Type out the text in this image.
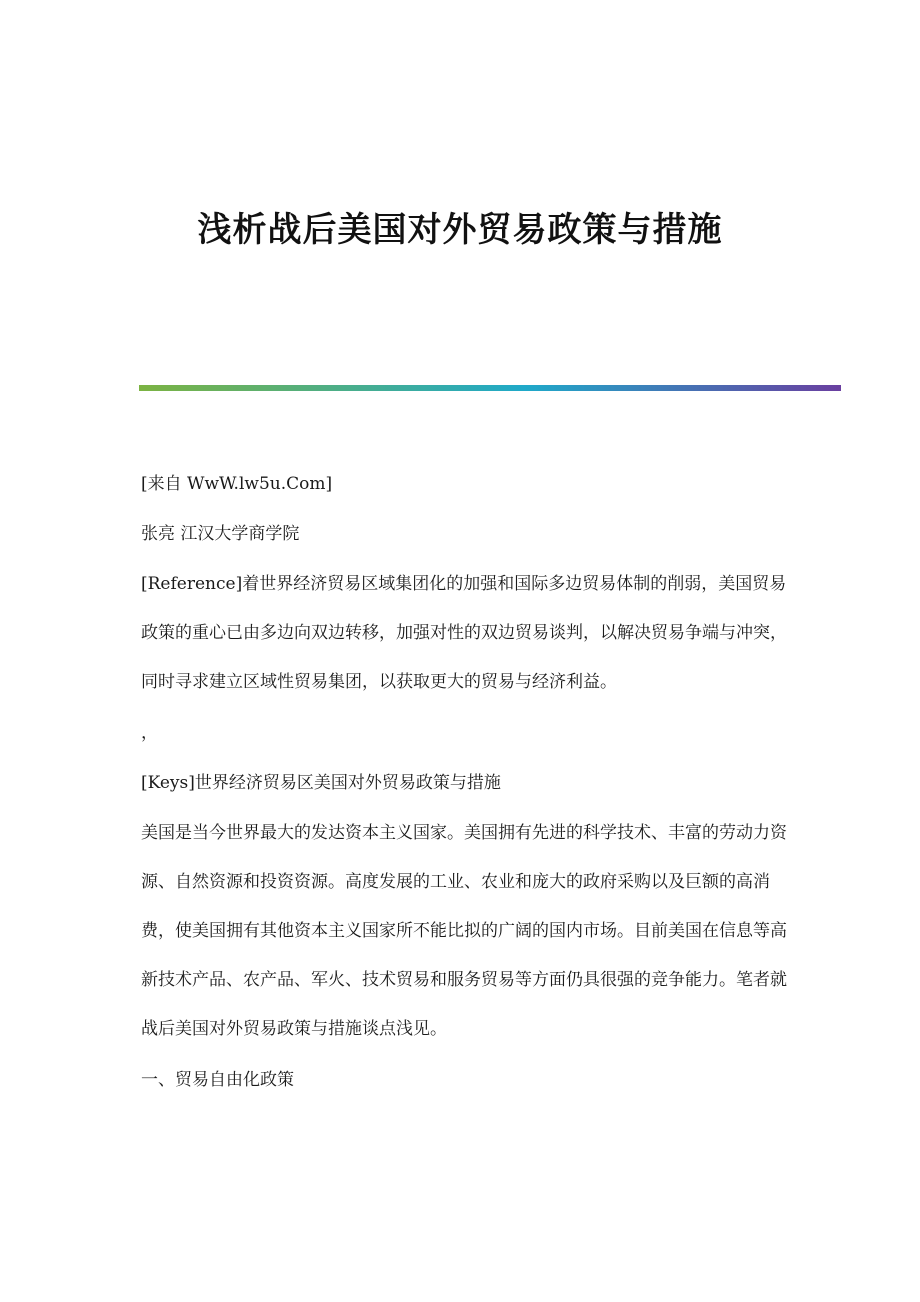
浅析战后美国对外贸易政策与措施

[来自 WwW.lw5u.Com]

张亮 江汉大学商学院

[Reference]着世界经济贸易区域集团化的加强和国际多边贸易体制的削弱，美国贸易政策的重心已由多边向双边转移，加强对性的双边贸易谈判，以解决贸易争端与冲突，同时寻求建立区域性贸易集团，以获取更大的贸易与经济利益。

，

[Keys]世界经济贸易区美国对外贸易政策与措施

美国是当今世界最大的发达资本主义国家。美国拥有先进的科学技术、丰富的劳动力资源、自然资源和投资资源。高度发展的工业、农业和庞大的政府采购以及巨额的高消费，使美国拥有其他资本主义国家所不能比拟的广阔的国内市场。目前美国在信息等高新技术产品、农产品、军火、技术贸易和服务贸易等方面仍具很强的竞争能力。笔者就战后美国对外贸易政策与措施谈点浅见。

一、贸易自由化政策
